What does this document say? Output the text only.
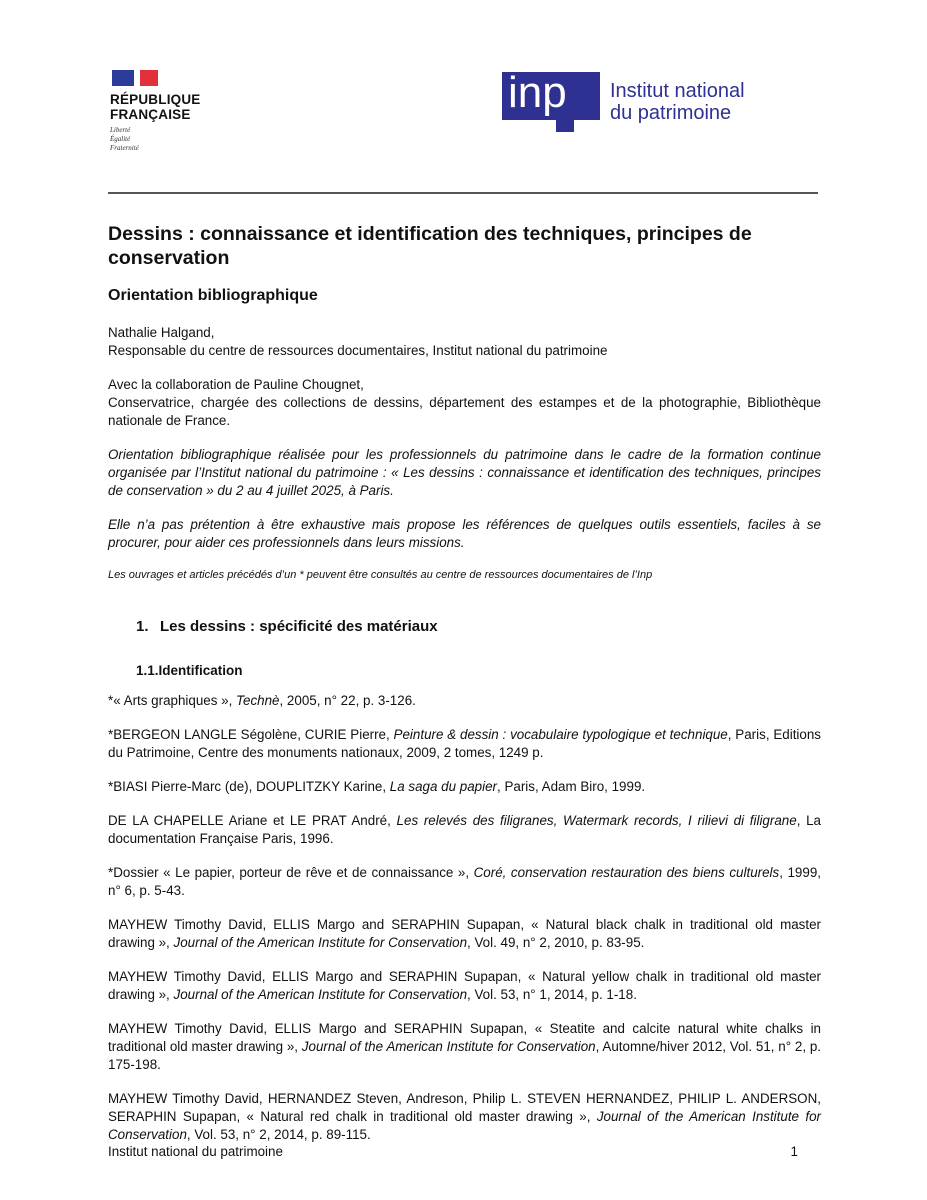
RÉPUBLIQUE
FRANÇAISE
Liberté
Égalité
Fraternité
inp Institut national
du patrimoine
Dessins : connaissance et identification des techniques, principes de conservation
Orientation bibliographique

Nathalie Halgand,

Responsable du centre de ressources documentaires, Institut national du patrimoine

Avec la collaboration de Pauline Chougnet,

Conservatrice, chargée des collections de dessins, département des estampes et de la photographie, Bibliothèque nationale de France.

Orientation bibliographique réalisée pour les professionnels du patrimoine dans le cadre de la formation continue organisée par l’Institut national du patrimoine : « Les dessins : connaissance et identification des techniques, principes de conservation » du 2 au 4 juillet 2025, à Paris.

Elle n’a pas prétention à être exhaustive mais propose les références de quelques outils essentiels, faciles à se procurer, pour aider ces professionnels dans leurs missions.

Les ouvrages et articles précédés d’un * peuvent être consultés au centre de ressources documentaires de l’Inp

1. Les dessins : spécificité des matériaux
1.1.Identification

*« Arts graphiques », Technè, 2005, n° 22, p. 3-126.

*BERGEON LANGLE Ségolène, CURIE Pierre, Peinture & dessin : vocabulaire typologique et technique, Paris, Editions du Patrimoine, Centre des monuments nationaux, 2009, 2 tomes, 1249 p.

*BIASI Pierre-Marc (de), DOUPLITZKY Karine, La saga du papier, Paris, Adam Biro, 1999.

DE LA CHAPELLE Ariane et LE PRAT André, Les relevés des filigranes, Watermark records, I rilievi di filigrane, La documentation Française Paris, 1996.

*Dossier « Le papier, porteur de rêve et de connaissance », Coré, conservation restauration des biens culturels, 1999, n° 6, p. 5-43.

MAYHEW Timothy David, ELLIS Margo and SERAPHIN Supapan, « Natural black chalk in traditional old master drawing », Journal of the American Institute for Conservation, Vol. 49, n° 2, 2010, p. 83-95.

MAYHEW Timothy David, ELLIS Margo and SERAPHIN Supapan, « Natural yellow chalk in traditional old master drawing », Journal of the American Institute for Conservation, Vol. 53, n° 1, 2014, p. 1-18.

MAYHEW Timothy David, ELLIS Margo and SERAPHIN Supapan, « Steatite and calcite natural white chalks in traditional old master drawing », Journal of the American Institute for Conservation, Automne/hiver 2012, Vol. 51, n° 2, p. 175-198.

MAYHEW Timothy David, HERNANDEZ Steven, Andreson, Philip L. STEVEN HERNANDEZ, PHILIP L. ANDERSON, SERAPHIN Supapan, « Natural red chalk in traditional old master drawing », Journal of the American Institute for Conservation, Vol. 53, n° 2, 2014, p. 89-115.

Institut national du patrimoine	1
